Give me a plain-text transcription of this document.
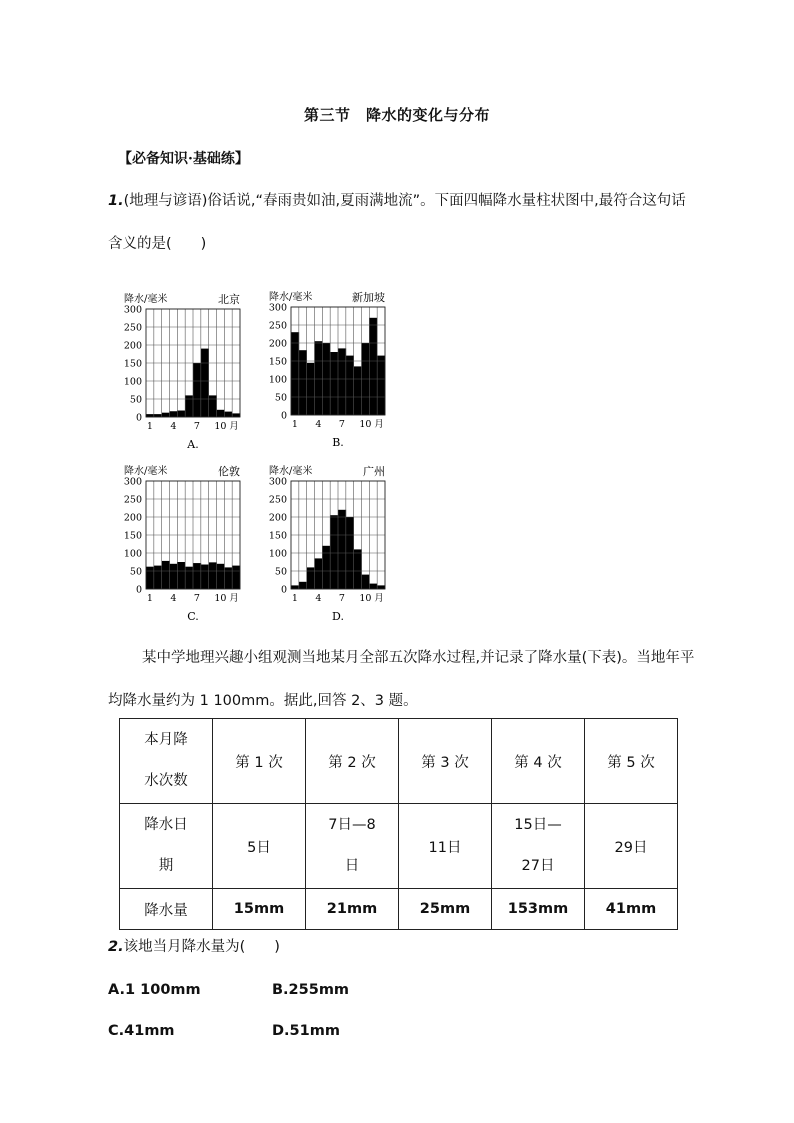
第三节　降水的变化与分布
【必备知识·基础练】
1.(地理与谚语)俗话说,“春雨贵如油,夏雨满地流”。下面四幅降水量柱状图中,最符合这句话含义的是(　　)
降水/毫米	北京
0
50
100
150
200
250
300
1 4 7 10 月
A.
降水/毫米	新加坡
0
50
100
150
200
250
300
1 4 7 10 月
B.
降水/毫米	伦敦
0
50
100
150
200
250
300
1 4 7 10 月
C.
降水/毫米	广州
0
50
100
150
200
250
300
1 4 7 10 月
D.
某中学地理兴趣小组观测当地某月全部五次降水过程,并记录了降水量(下表)。当地年平均降水量约为 1 100mm。据此,回答 2、3 题。
本月降水次数	第 1 次	第 2 次	第 3 次	第 4 次	第 5 次

降水日期	5日	7日—8日	11日	15日—27日	29日
降水量	15mm	21mm	25mm	153mm	41mm
2.该地当月降水量为(　　)
A.1 100mm	B.255mm
C.41mm	D.51mm
